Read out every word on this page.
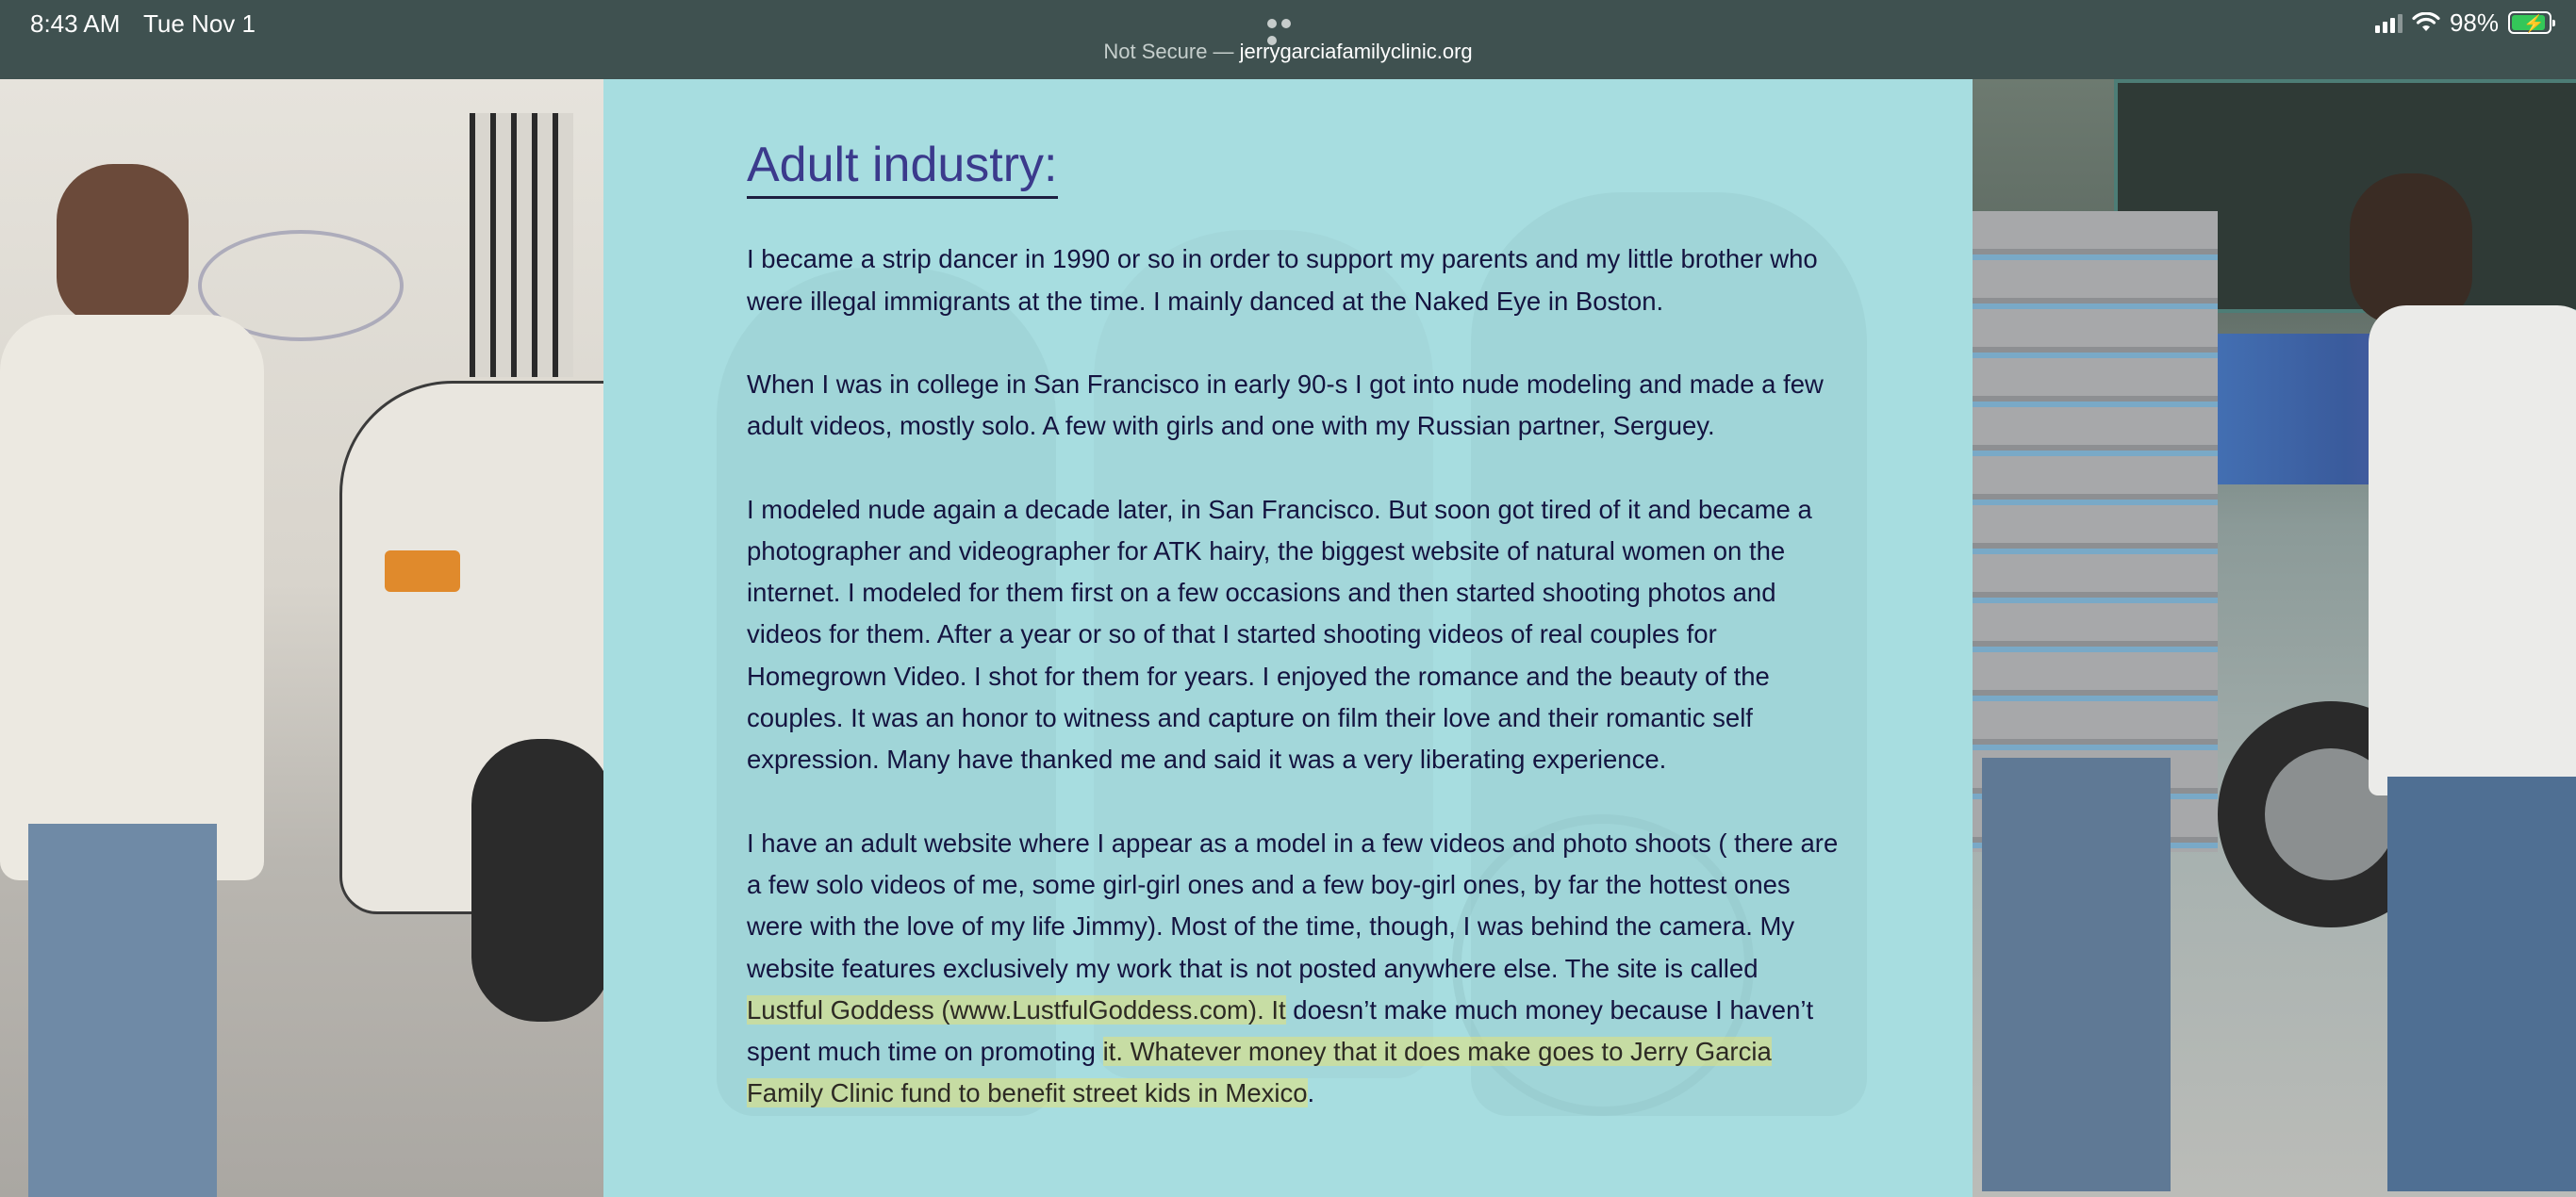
8:43 AM Tue Nov 1
Not Secure — jerrygarciafamilyclinic.org
98% ⚡
Adult industry:

I became a strip dancer in 1990 or so in order to support my parents and my little brother who were illegal immigrants at the time. I mainly danced at the Naked Eye in Boston.

When I was in college in San Francisco in early 90-s I got into nude modeling and made a few adult videos, mostly solo. A few with girls and one with my Russian partner, Serguey.

I modeled nude again a decade later, in San Francisco. But soon got tired of it and became a photographer and videographer for ATK hairy, the biggest website of natural women on the internet. I modeled for them first on a few occasions and then started shooting photos and videos for them. After a year or so of that I started shooting videos of real couples for Homegrown Video. I shot for them for years. I enjoyed the romance and the beauty of the couples. It was an honor to witness and capture on film their love and their romantic self expression. Many have thanked me and said it was a very liberating experience.

I have an adult website where I appear as a model in a few videos and photo shoots ( there are a few solo videos of me, some girl-girl ones and a few boy-girl ones, by far the hottest ones were with the love of my life Jimmy). Most of the time, though, I was behind the camera. My website features exclusively my work that is not posted anywhere else. The site is called Lustful Goddess (www.LustfulGoddess.com). It doesn’t make much money because I haven’t spent much time on promoting it. Whatever money that it does make goes to Jerry Garcia Family Clinic fund to benefit street kids in Mexico.
